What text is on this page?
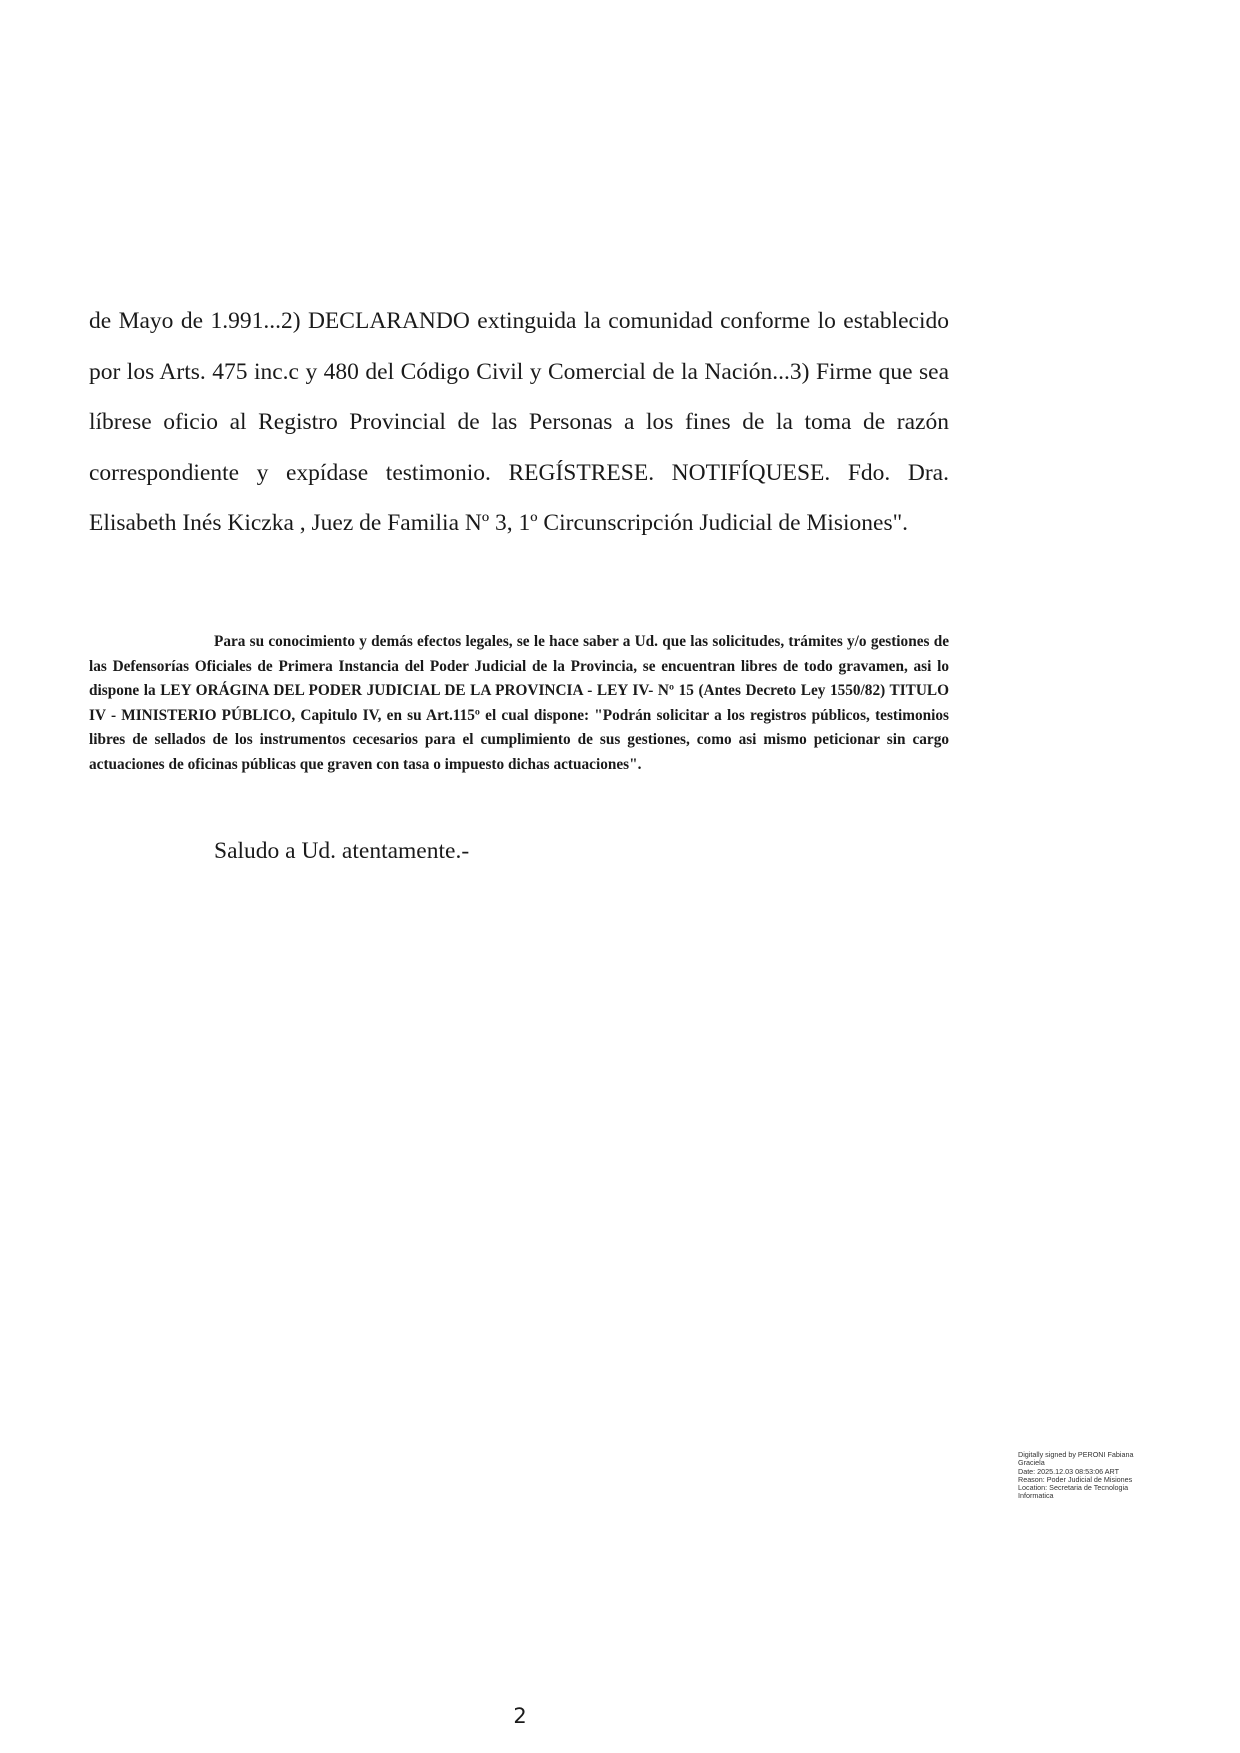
de Mayo de 1.991...2) DECLARANDO extinguida la comunidad conforme lo establecido por los Arts. 475 inc.c y 480 del Código Civil y Comercial de la Nación...3) Firme que sea líbrese oficio al Registro Provincial de las Personas a los fines de la toma de razón correspondiente y expídase testimonio. REGÍSTRESE. NOTIFÍQUESE. Fdo. Dra. Elisabeth Inés Kiczka , Juez de Familia Nº 3, 1º Circunscripción Judicial de Misiones".

Para su conocimiento y demás efectos legales, se le hace saber a Ud. que las solicitudes, trámites y/o gestiones de las Defensorías Oficiales de Primera Instancia del Poder Judicial de la Provincia, se encuentran libres de todo gravamen, asi lo dispone la LEY ORÁGINA DEL PODER JUDICIAL DE LA PROVINCIA - LEY IV- Nº 15 (Antes Decreto Ley 1550/82) TITULO IV - MINISTERIO PÚBLICO, Capitulo IV, en su Art.115º el cual dispone: "Podrán solicitar a los registros públicos, testimonios libres de sellados de los instrumentos cecesarios para el cumplimiento de sus gestiones, como asi mismo peticionar sin cargo actuaciones de oficinas públicas que graven con tasa o impuesto dichas actuaciones".

Saludo a Ud. atentamente.-
Digitally signed by PERONI Fabiana
Graciela
Date: 2025.12.03 08:53:06 ART
Reason: Poder Judicial de Misiones
Location: Secretaria de Tecnologia
Informatica
2
